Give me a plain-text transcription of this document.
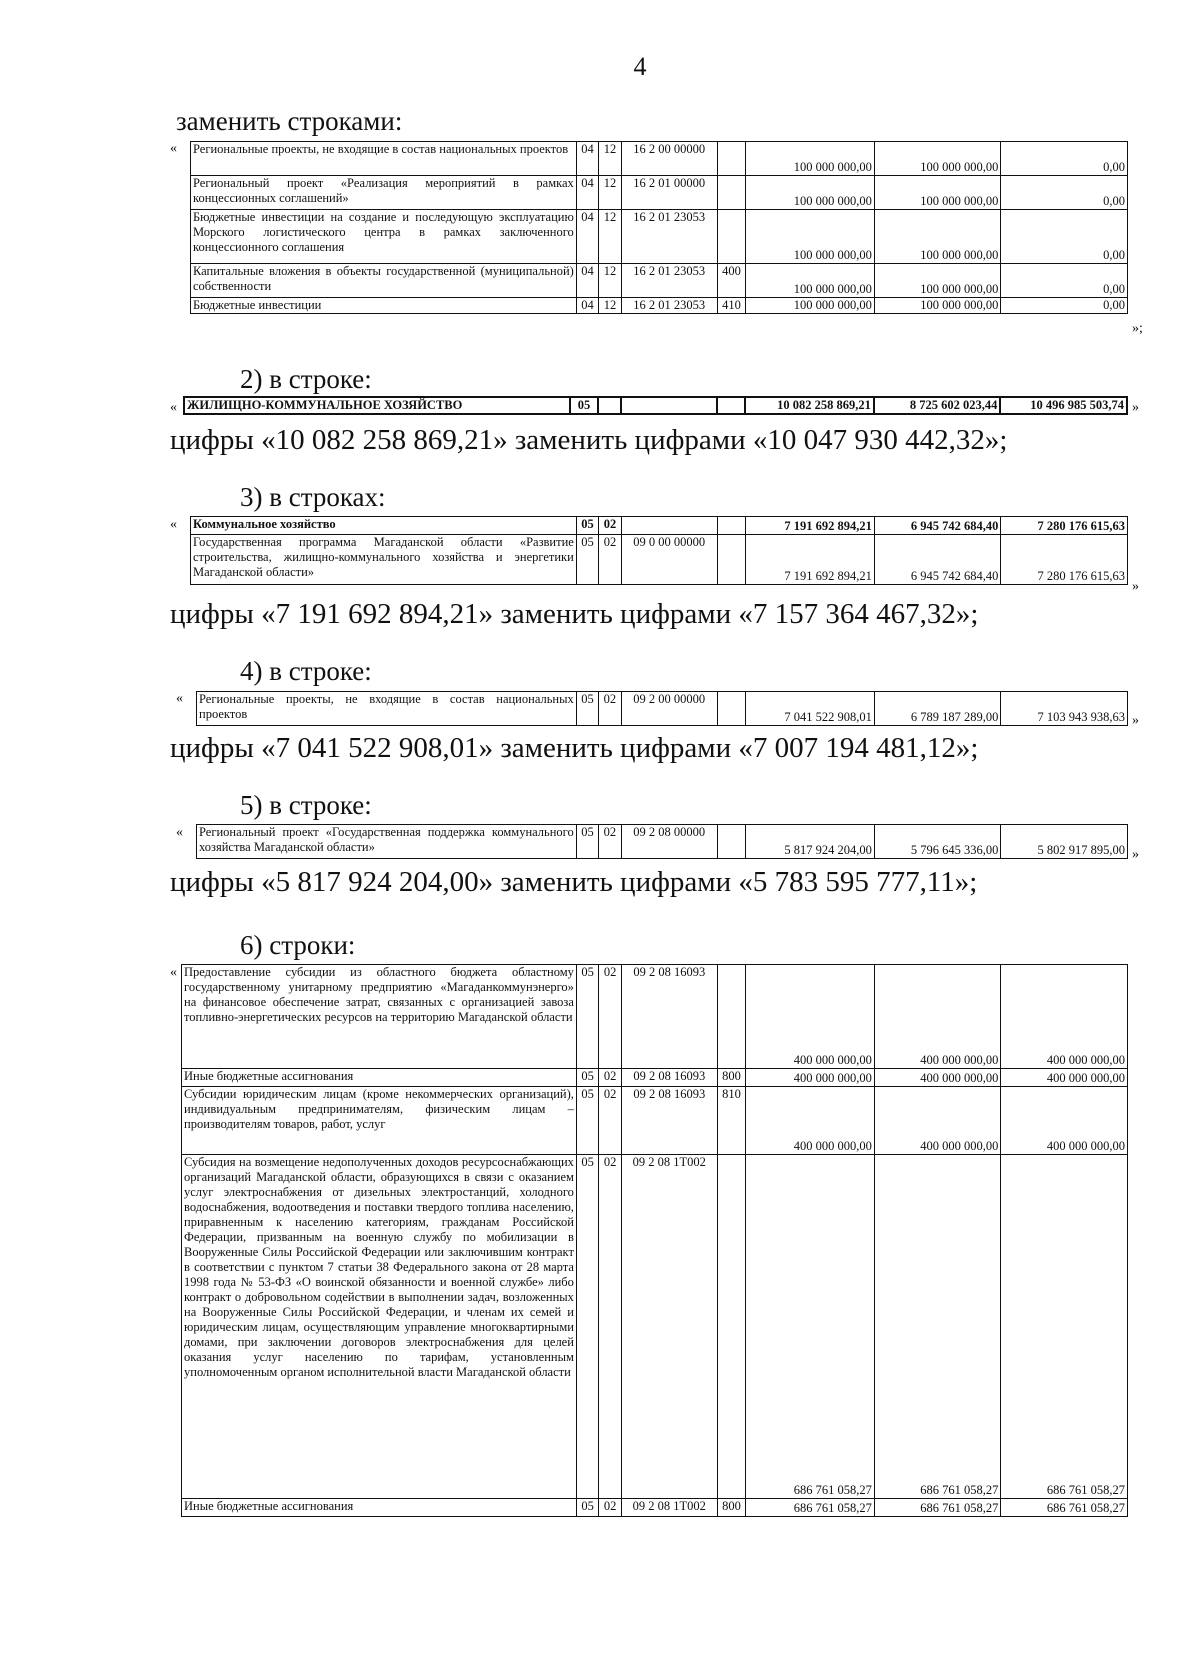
4
заменить строками:
« Региональные проекты, не входящие в состав национальных проектов	04	12	16 2 00 00000		100 000 000,00	100 000 000,00	0,00
Региональный проект «Реализация мероприятий в рамках концессионных соглашений»	04	12	16 2 01 00000		100 000 000,00	100 000 000,00	0,00
Бюджетные инвестиции на создание и последующую эксплуатацию Морского логистического центра в рамках заключенного концессионного соглашения	04	12	16 2 01 23053		100 000 000,00	100 000 000,00	0,00
Капитальные вложения в объекты государственной (муниципальной) собственности	04	12	16 2 01 23053	400	100 000 000,00	100 000 000,00	0,00
Бюджетные инвестиции	04	12	16 2 01 23053	410	100 000 000,00	100 000 000,00	0,00
»;
2) в строке:
« ЖИЛИЩНО-КОММУНАЛЬНОЕ ХОЗЯЙСТВО	05				10 082 258 869,21	8 725 602 023,44	10 496 985 503,74 »
цифры «10 082 258 869,21» заменить цифрами «10 047 930 442,32»;
3) в строках:
« Коммунальное хозяйство	05	02			7 191 692 894,21	6 945 742 684,40	7 280 176 615,63
Государственная программа Магаданской области «Развитие строительства, жилищно-коммунального хозяйства и энергетики Магаданской области»	05	02	09 0 00 00000		7 191 692 894,21	6 945 742 684,40	7 280 176 615,63
»
цифры «7 191 692 894,21» заменить цифрами «7 157 364 467,32»;
4) в строке:
« Региональные проекты, не входящие в состав национальных проектов	05	02	09 2 00 00000		7 041 522 908,01	6 789 187 289,00	7 103 943 938,63 »
цифры «7 041 522 908,01» заменить цифрами «7 007 194 481,12»;
5) в строке:
« Региональный проект «Государственная поддержка коммунального хозяйства Магаданской области»	05	02	09 2 08 00000		5 817 924 204,00	5 796 645 336,00	5 802 917 895,00 »
цифры «5 817 924 204,00» заменить цифрами «5 783 595 777,11»;
6) строки:
« Предоставление субсидии из областного бюджета областному государственному унитарному предприятию «Магаданкоммунэнерго» на финансовое обеспечение затрат, связанных с организацией завоза топливно-энергетических ресурсов на территорию Магаданской области	05	02	09 2 08 16093		400 000 000,00	400 000 000,00	400 000 000,00
Иные бюджетные ассигнования	05	02	09 2 08 16093	800	400 000 000,00	400 000 000,00	400 000 000,00
Субсидии юридическим лицам (кроме некоммерческих организаций), индивидуальным предпринимателям, физическим лицам – производителям товаров, работ, услуг	05	02	09 2 08 16093	810	400 000 000,00	400 000 000,00	400 000 000,00
Субсидия на возмещение недополученных доходов ресурсоснабжающих организаций Магаданской области, образующихся в связи с оказанием услуг электроснабжения от дизельных электростанций, холодного водоснабжения, водоотведения и поставки твердого топлива населению, приравненным к населению категориям, гражданам Российской Федерации, призванным на военную службу по мобилизации в Вооруженные Силы Российской Федерации или заключившим контракт в соответствии с пунктом 7 статьи 38 Федерального закона от 28 марта 1998 года № 53-ФЗ «О воинской обязанности и военной службе» либо контракт о добровольном содействии в выполнении задач, возложенных на Вооруженные Силы Российской Федерации, и членам их семей и юридическим лицам, осуществляющим управление многоквартирными домами, при заключении договоров электроснабжения для целей оказания услуг населению по тарифам, установленным уполномоченным органом исполнительной власти Магаданской области	05	02	09 2 08 1Т002		686 761 058,27	686 761 058,27	686 761 058,27
Иные бюджетные ассигнования	05	02	09 2 08 1Т002	800	686 761 058,27	686 761 058,27	686 761 058,27
